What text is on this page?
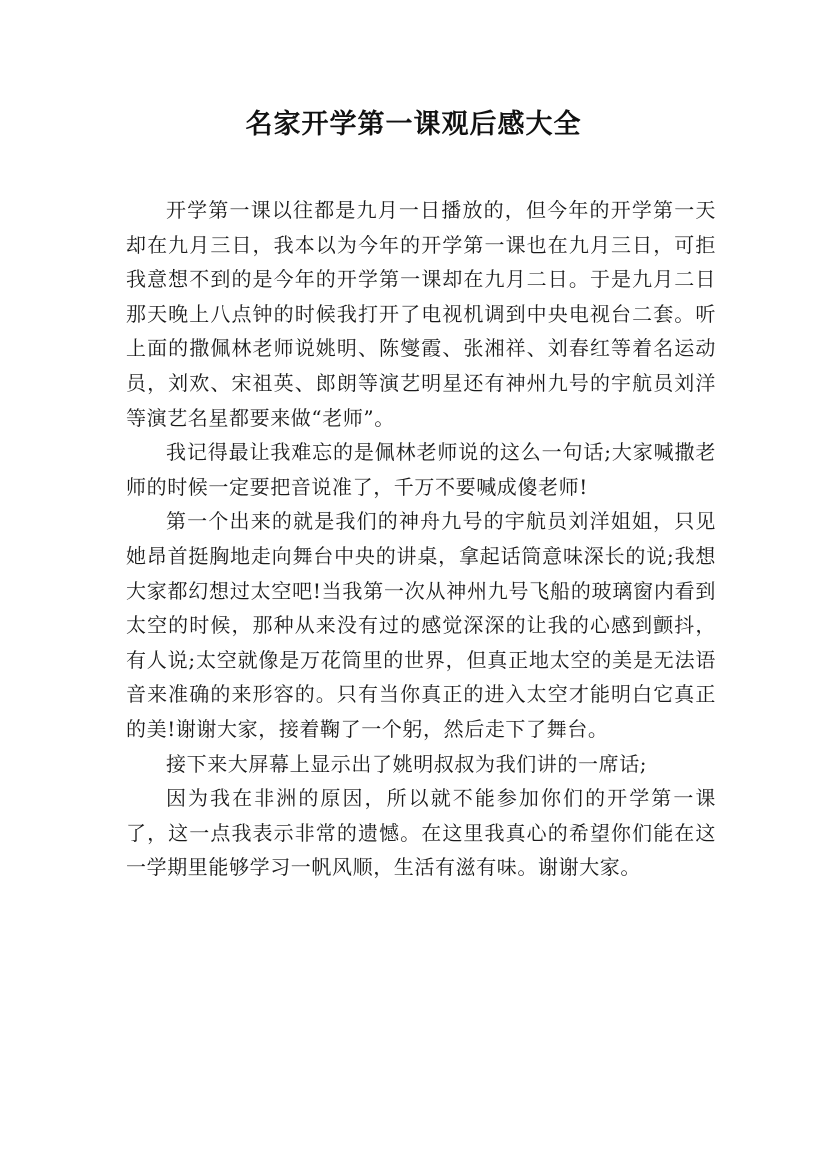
名家开学第一课观后感大全

开学第一课以往都是九月一日播放的，但今年的开学第一天却在九月三日，我本以为今年的开学第一课也在九月三日，可拒我意想不到的是今年的开学第一课却在九月二日。于是九月二日那天晚上八点钟的时候我打开了电视机调到中央电视台二套。听上面的撒佩林老师说姚明、陈燮霞、张湘祥、刘春红等着名运动员，刘欢、宋祖英、郎朗等演艺明星还有神州九号的宇航员刘洋等演艺名星都要来做“老师”。

我记得最让我难忘的是佩林老师说的这么一句话;大家喊撒老师的时候一定要把音说准了，千万不要喊成傻老师!

第一个出来的就是我们的神舟九号的宇航员刘洋姐姐，只见她昂首挺胸地走向舞台中央的讲桌，拿起话筒意味深长的说;我想大家都幻想过太空吧!当我第一次从神州九号飞船的玻璃窗内看到太空的时候，那种从来没有过的感觉深深的让我的心感到颤抖，有人说;太空就像是万花筒里的世界，但真正地太空的美是无法语音来准确的来形容的。只有当你真正的进入太空才能明白它真正的美!谢谢大家，接着鞠了一个躬，然后走下了舞台。

接下来大屏幕上显示出了姚明叔叔为我们讲的一席话;

因为我在非洲的原因，所以就不能参加你们的开学第一课了，这一点我表示非常的遗憾。在这里我真心的希望你们能在这一学期里能够学习一帆风顺，生活有滋有味。谢谢大家。
